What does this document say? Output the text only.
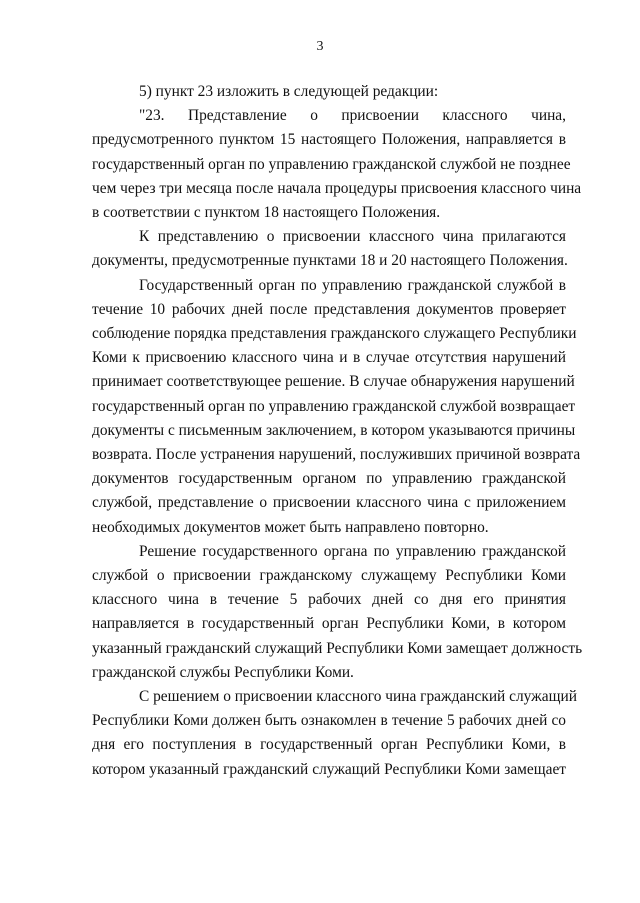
3
5) пункт 23 изложить в следующей редакции:
"23. Представление о присвоении классного чина,
предусмотренного пунктом 15 настоящего Положения, направляется в
государственный орган по управлению гражданской службой не позднее
чем через три месяца после начала процедуры присвоения классного чина
в соответствии с пунктом 18 настоящего Положения.
К представлению о присвоении классного чина прилагаются
документы, предусмотренные пунктами 18 и 20 настоящего Положения.
Государственный орган по управлению гражданской службой в
течение 10 рабочих дней после представления документов проверяет
соблюдение порядка представления гражданского служащего Республики
Коми к присвоению классного чина и в случае отсутствия нарушений
принимает соответствующее решение. В случае обнаружения нарушений
государственный орган по управлению гражданской службой возвращает
документы с письменным заключением, в котором указываются причины
возврата. После устранения нарушений, послуживших причиной возврата
документов государственным органом по управлению гражданской
службой, представление о присвоении классного чина с приложением
необходимых документов может быть направлено повторно.
Решение государственного органа по управлению гражданской
службой о присвоении гражданскому служащему Республики Коми
классного чина в течение 5 рабочих дней со дня его принятия
направляется в государственный орган Республики Коми, в котором
указанный гражданский служащий Республики Коми замещает должность
гражданской службы Республики Коми.
С решением о присвоении классного чина гражданский служащий
Республики Коми должен быть ознакомлен в течение 5 рабочих дней со
дня его поступления в государственный орган Республики Коми, в
котором указанный гражданский служащий Республики Коми замещает
